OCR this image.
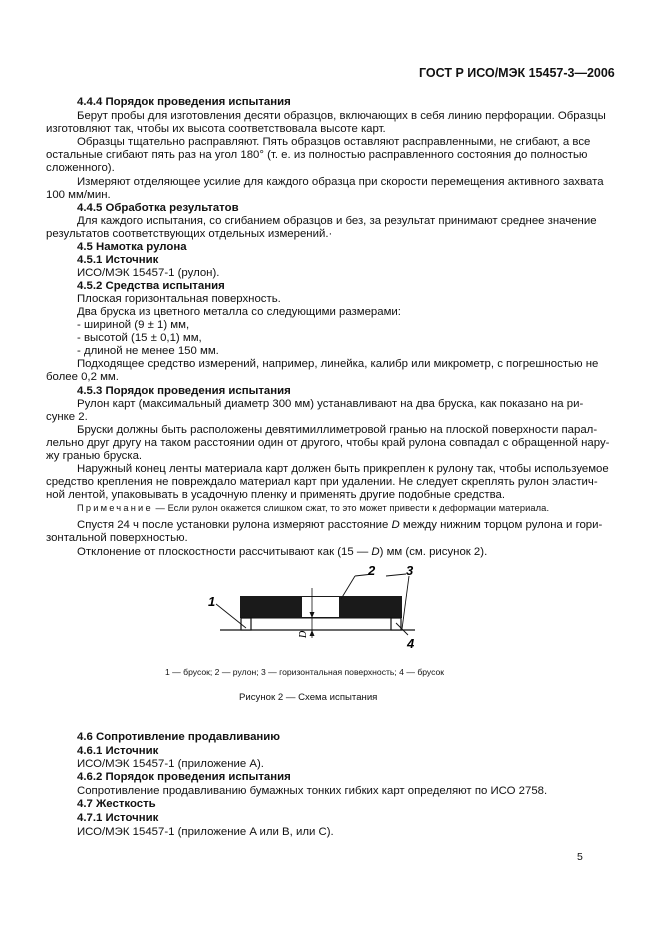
ГОСТ Р ИСО/МЭК 15457-3—2006
4.4.4 Порядок проведения испытания
Берут пробы для изготовления десяти образцов, включающих в себя линию перфорации. Образцы
изготовляют так, чтобы их высота соответствовала высоте карт.
Образцы тщательно расправляют. Пять образцов оставляют расправленными, не сгибают, а все
остальные сгибают пять раз на угол 180° (т. е. из полностью расправленного состояния до полностью
сложенного).
Измеряют отделяющее усилие для каждого образца при скорости перемещения активного захвата
100 мм/мин.
4.4.5 Обработка результатов
Для каждого испытания, со сгибанием образцов и без, за результат принимают среднее значение
результатов соответствующих отдельных измерений.·
4.5 Намотка рулона
4.5.1 Источник
ИСО/МЭК 15457-1 (рулон).
4.5.2 Средства испытания
Плоская горизонтальная поверхность.
Два бруска из цветного металла со следующими размерами:
- шириной (9 ± 1) мм,
- высотой (15 ± 0,1) мм,
- длиной не менее 150 мм.
Подходящее средство измерений, например, линейка, калибр или микрометр, с погрешностью не
более 0,2 мм.
4.5.3 Порядок проведения испытания
Рулон карт (максимальный диаметр 300 мм) устанавливают на два бруска, как показано на ри-
сунке 2.
Бруски должны быть расположены девятимиллиметровой гранью на плоской поверхности парал-
лельно друг другу на таком расстоянии один от другого, чтобы край рулона совпадал с обращенной нару-
жу гранью бруска.
Наружный конец ленты материала карт должен быть прикреплен к рулону так, чтобы используемое
средство крепления не повреждало материал карт при удалении. Не следует скреплять рулон эластич-
ной лентой, упаковывать в усадочную пленку и применять другие подобные средства.
Спустя 24 ч после установки рулона измеряют расстояние D между нижним торцом рулона и гори-
зонтальной поверхностью.
Отклонение от плоскостности рассчитывают как (15 — D) мм (см. рисунок 2).
4.6 Сопротивление продавливанию
4.6.1 Источник
ИСО/МЭК 15457-1 (приложение A).
4.6.2 Порядок проведения испытания
Сопротивление продавливанию бумажных тонких гибких карт определяют по ИСО 2758.
4.7 Жесткость
4.7.1 Источник
ИСО/МЭК 15457-1 (приложение A или B, или C).
Примечание — Если рулон окажется слишком сжат, то это может привести к деформации материала.
D
1
2 3
4
1 — брусок; 2 — рулон; 3 — горизонтальная поверхность; 4 — брусок
Рисунок 2 — Схема испытания
5
